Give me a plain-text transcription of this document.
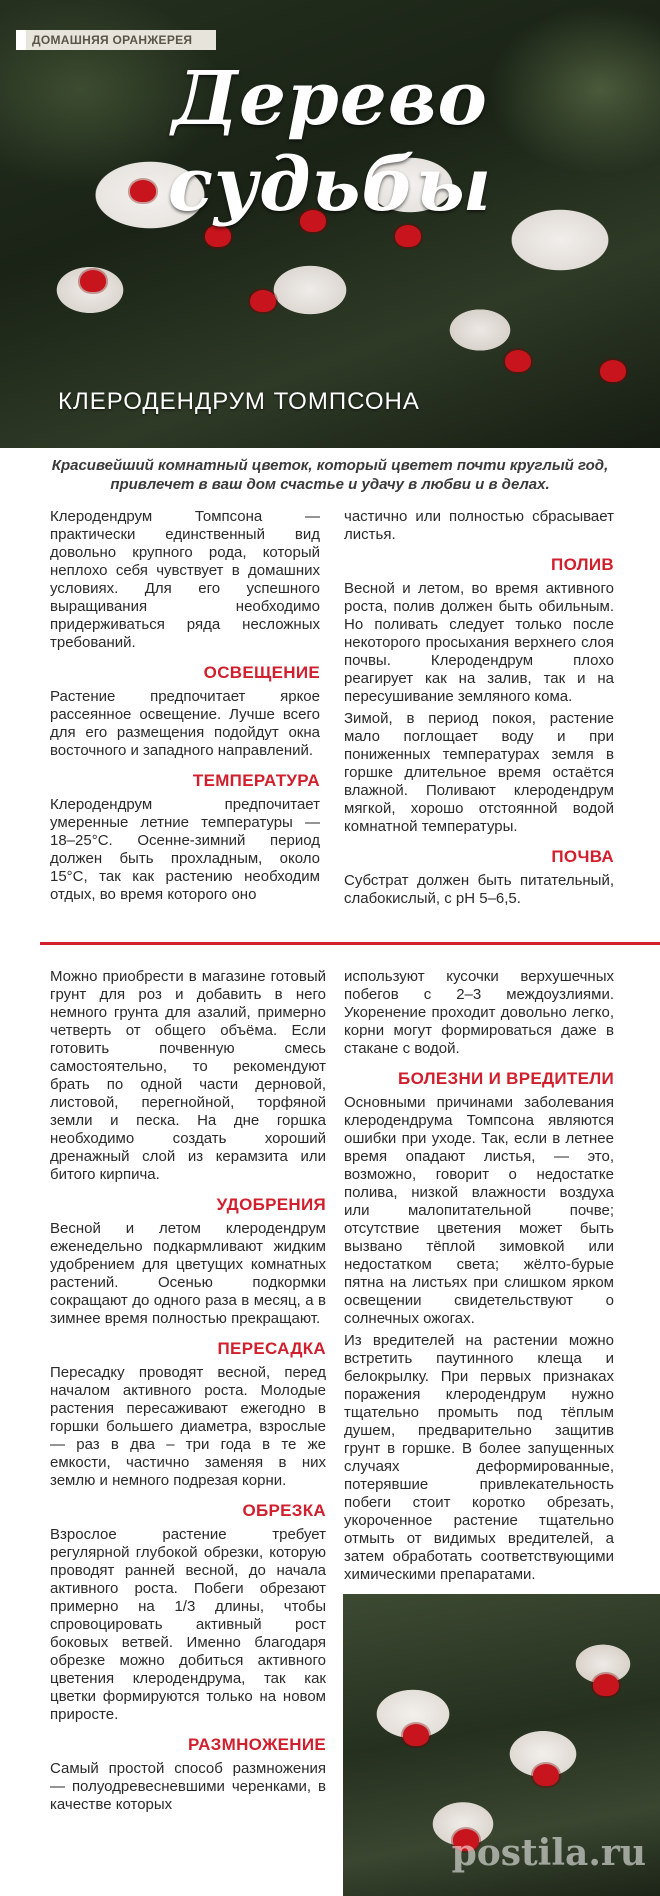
ДОМАШНЯЯ ОРАНЖЕРЕЯ
Дерево судьбы
КЛЕРОДЕНДРУМ ТОМПСОНА
Красивейший комнатный цветок, который цветет почти круглый год, привлечет в ваш дом счастье и удачу в любви и в делах.

Клеродендрум Томпсона — практически единственный вид довольно крупного рода, который неплохо себя чувствует в домашних условиях. Для его успешного выращивания необходимо придерживаться ряда несложных требований.

ОСВЕЩЕНИЕ

Растение предпочитает яркое рассеянное освещение. Лучше всего для его размещения подойдут окна восточного и западного направлений.

ТЕМПЕРАТУРА

Клеродендрум предпочитает умеренные летние температуры — 18–25°С. Осенне-зимний период должен быть прохладным, около 15°С, так как растению необходим отдых, во время которого оно

частично или полностью сбрасывает листья.

ПОЛИВ

Весной и летом, во время активного роста, полив должен быть обильным. Но поливать следует только после некоторого просыхания верхнего слоя почвы. Клеродендрум плохо реагирует как на залив, так и на пересушивание земляного кома.

Зимой, в период покоя, растение мало поглощает воду и при пониженных температурах земля в горшке длительное время остаётся влажной. Поливают клеродендрум мягкой, хорошо отстоянной водой комнатной температуры.

ПОЧВА

Субстрат должен быть питательный, слабокислый, с pH 5–6,5.

Можно приобрести в магазине готовый грунт для роз и добавить в него немного грунта для азалий, примерно четверть от общего объёма. Если готовить почвенную смесь самостоятельно, то рекомендуют брать по одной части дерновой, листовой, перегнойной, торфяной земли и песка. На дне горшка необходимо создать хороший дренажный слой из керамзита или битого кирпича.

УДОБРЕНИЯ

Весной и летом клеродендрум еженедельно подкармливают жидким удобрением для цветущих комнатных растений. Осенью подкормки сокращают до одного раза в месяц, а в зимнее время полностью прекращают.

ПЕРЕСАДКА

Пересадку проводят весной, перед началом активного роста. Молодые растения пересаживают ежегодно в горшки большего диаметра, взрослые — раз в два – три года в те же емкости, частично заменяя в них землю и немного подрезая корни.

ОБРЕЗКА

Взрослое растение требует регулярной глубокой обрезки, которую проводят ранней весной, до начала активного роста. Побеги обрезают примерно на 1/3 длины, чтобы спровоцировать активный рост боковых ветвей. Именно благодаря обрезке можно добиться активного цветения клеродендрума, так как цветки формируются только на новом приросте.

РАЗМНОЖЕНИЕ

Самый простой способ размножения — полуодревесневшими черенками, в качестве которых

используют кусочки верхушечных побегов с 2–3 междоузлиями. Укоренение проходит довольно легко, корни могут формироваться даже в стакане с водой.

БОЛЕЗНИ И ВРЕДИТЕЛИ

Основными причинами заболевания клеродендрума Томпсона являются ошибки при уходе. Так, если в летнее время опадают листья, — это, возможно, говорит о недостатке полива, низкой влажности воздуха или малопитательной почве; отсутствие цветения может быть вызвано тёплой зимовкой или недостатком света; жёлто-бурые пятна на листьях при слишком ярком освещении свидетельствуют о солнечных ожогах.

Из вредителей на растении можно встретить паутинного клеща и белокрылку. При первых признаках поражения клеродендрум нужно тщательно промыть под тёплым душем, предварительно защитив грунт в горшке. В более запущенных случаях деформированные, потерявшие привлекательность побеги стоит коротко обрезать, укороченное растение тщательно отмыть от видимых вредителей, а затем обработать соответствующими химическими препаратами.

postila.ru
